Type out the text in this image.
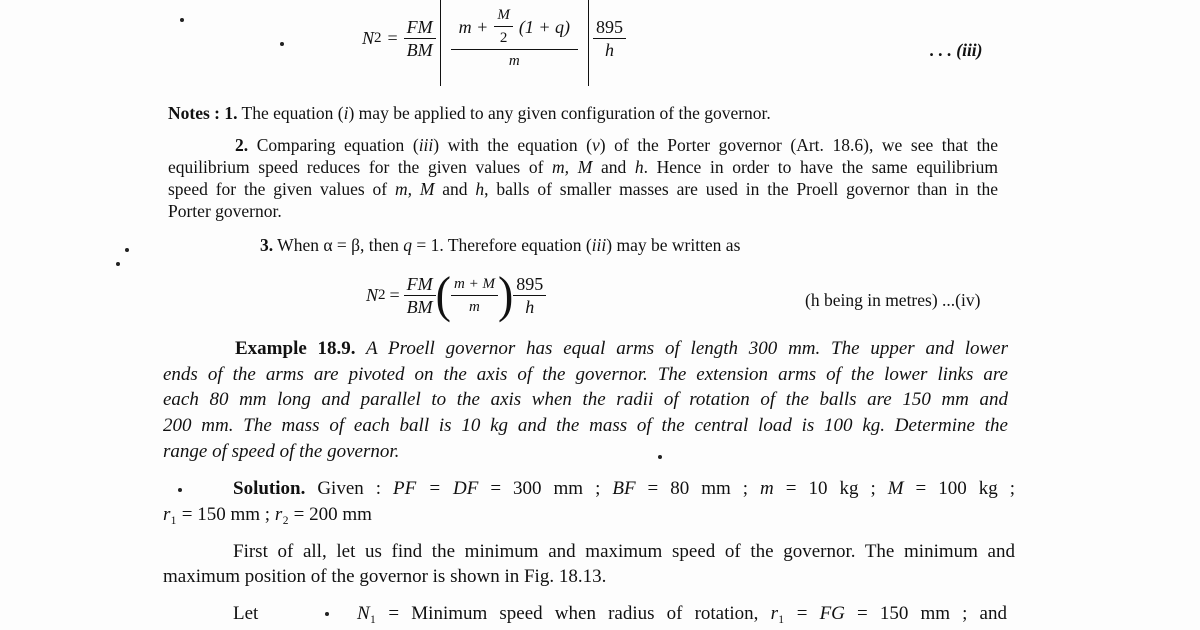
N $2 = \frac{FM}{BM} \frac{m + \frac{M}{2} (1 + q)}{m} \frac{895}{h}$	. . . (iii)
N $2 = \frac{FM}{BM}$ ( $\frac{m + M}{m}$ ) $\frac{895}{h}$	(h being in metres) ...(iv)
Notes : 1. The equation (i) may be applied to any given configuration of the governor.
2. Comparing equation (iii) with the equation (v) of the Porter governor (Art. 18.6), we see that the
equilibrium speed reduces for the given values of m, M and h. Hence in order to have the same equilibrium
speed for the given values of m, M and h, balls of smaller masses are used in the Proell governor than in the
Porter governor.
3. When α = β, then q = 1. Therefore equation (iii) may be written as
Example 18.9. A Proell governor has equal arms of length 300 mm. The upper and lower
ends of the arms are pivoted on the axis of the governor. The extension arms of the lower links are
each 80 mm long and parallel to the axis when the radii of rotation of the balls are 150 mm and
200 mm. The mass of each ball is 10 kg and the mass of the central load is 100 kg. Determine the
range of speed of the governor.
Solution. Given : PF = DF = 300 mm ; BF = 80 mm ; m = 10 kg ; M = 100 kg ;
r₁ = 150 mm ; r₂ = 200 mm
First of all, let us find the minimum and maximum speed of the governor. The minimum and
maximum position of the governor is shown in Fig. 18.13.
Let	N₁ = Minimum speed when radius of rotation, r₁ = FG = 150 mm ; and
